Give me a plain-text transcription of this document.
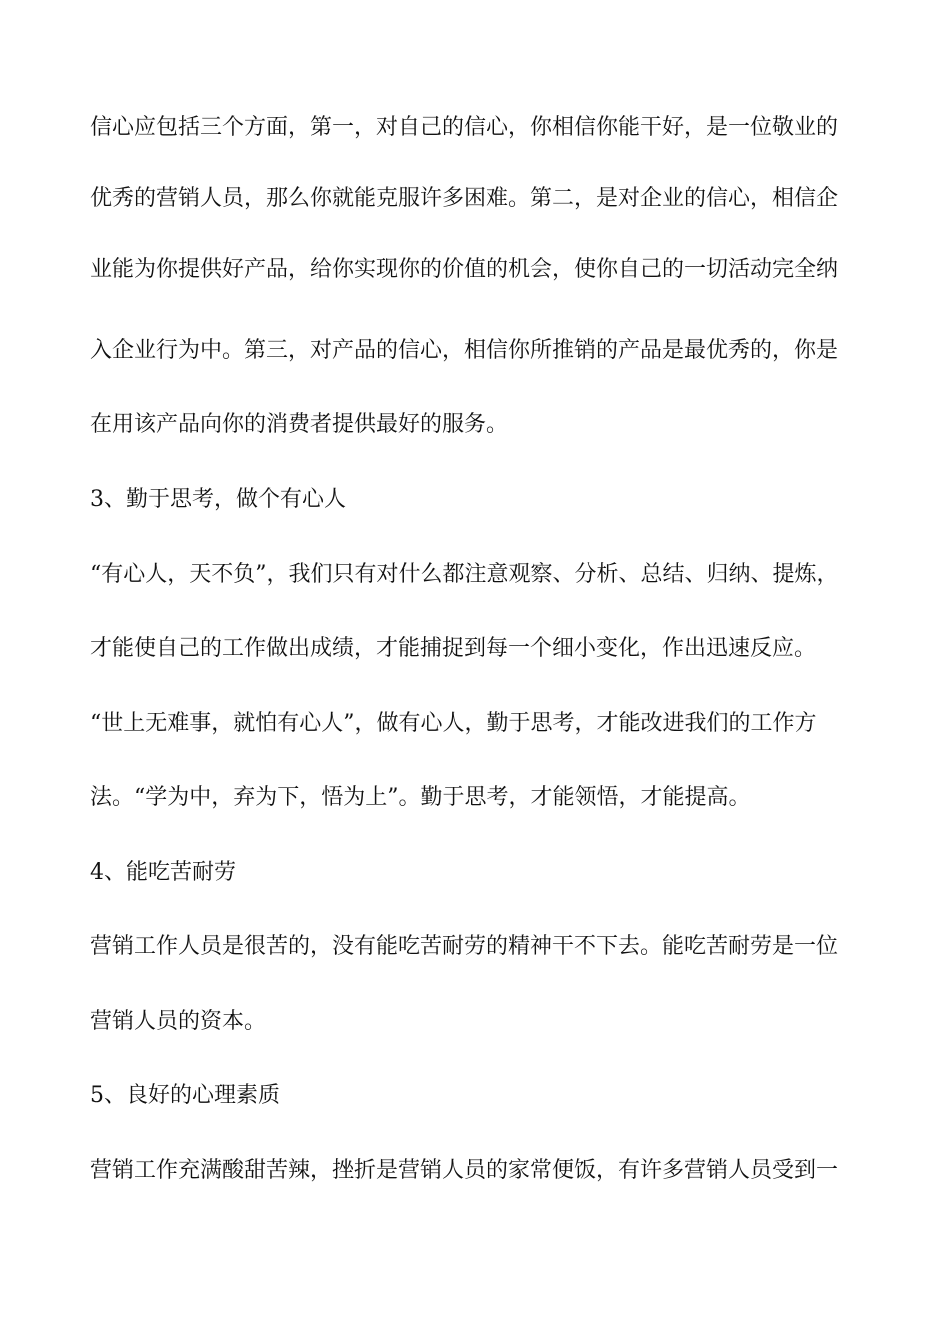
信心应包括三个方面，第一，对自己的信心，你相信你能干好，是一位敬业的

优秀的营销人员，那么你就能克服许多困难。第二，是对企业的信心，相信企

业能为你提供好产品，给你实现你的价值的机会，使你自己的一切活动完全纳

入企业行为中。第三，对产品的信心，相信你所推销的产品是最优秀的，你是

在用该产品向你的消费者提供最好的服务。

3、勤于思考，做个有心人

“有心人，天不负”，我们只有对什么都注意观察、分析、总结、归纳、提炼，

才能使自己的工作做出成绩，才能捕捉到每一个细小变化，作出迅速反应。

“世上无难事，就怕有心人”，做有心人，勤于思考，才能改进我们的工作方

法。“学为中，弃为下，悟为上”。勤于思考，才能领悟，才能提高。

4、能吃苦耐劳

营销工作人员是很苦的，没有能吃苦耐劳的精神干不下去。能吃苦耐劳是一位

营销人员的资本。

5、良好的心理素质

营销工作充满酸甜苦辣，挫折是营销人员的家常便饭，有许多营销人员受到一
